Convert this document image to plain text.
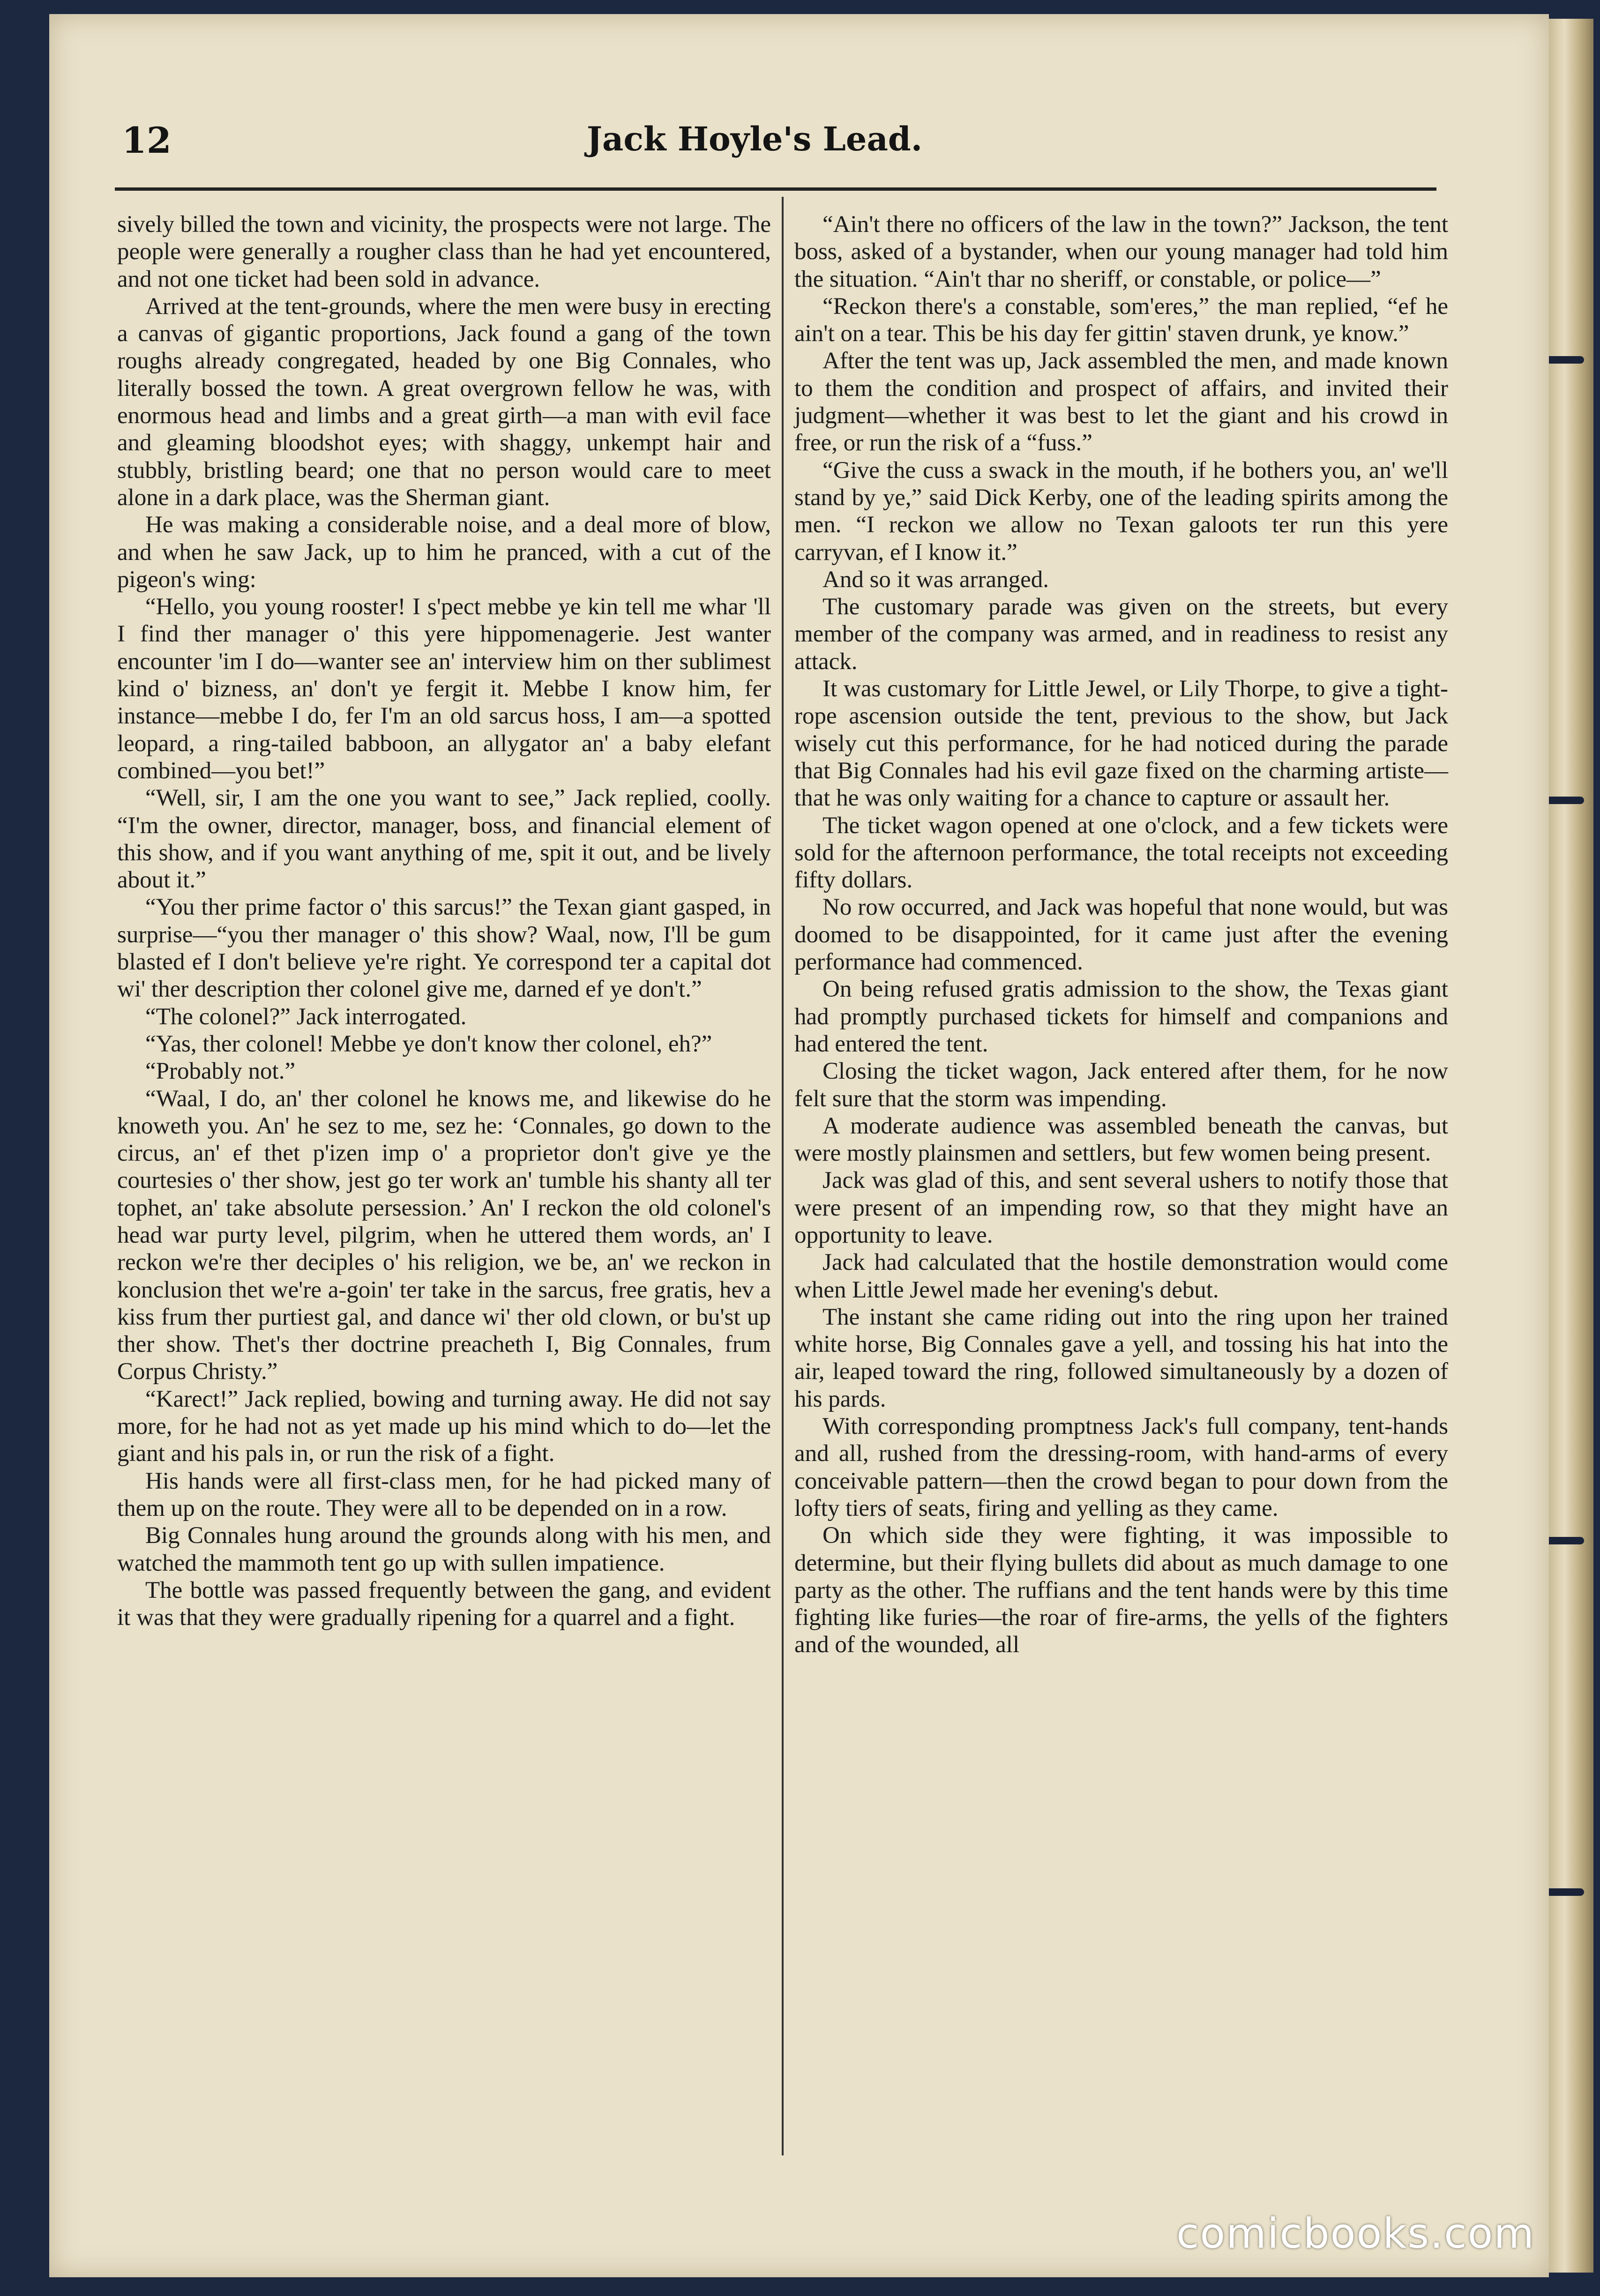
12	Jack Hoyle's Lead.

sively billed the town and vicinity, the prospects were not large. The people were generally a rougher class than he had yet encountered, and not one ticket had been sold in advance.

Arrived at the tent-grounds, where the men were busy in erecting a canvas of gigantic proportions, Jack found a gang of the town roughs already congregated, headed by one Big Connales, who literally bossed the town. A great overgrown fellow he was, with enormous head and limbs and a great girth—a man with evil face and gleaming bloodshot eyes; with shaggy, unkempt hair and stubbly, bristling beard; one that no person would care to meet alone in a dark place, was the Sherman giant.

He was making a considerable noise, and a deal more of blow, and when he saw Jack, up to him he pranced, with a cut of the pigeon's wing:

“Hello, you young rooster! I s'pect mebbe ye kin tell me whar 'll I find ther manager o' this yere hippomenagerie. Jest wanter encounter 'im I do—wanter see an' interview him on ther sublimest kind o' bizness, an' don't ye fergit it. Mebbe I know him, fer instance—mebbe I do, fer I'm an old sarcus hoss, I am—a spotted leopard, a ring-tailed babboon, an allygator an' a baby elefant combined—you bet!”

“Well, sir, I am the one you want to see,” Jack replied, coolly. “I'm the owner, director, manager, boss, and financial element of this show, and if you want anything of me, spit it out, and be lively about it.”

“You ther prime factor o' this sarcus!” the Texan giant gasped, in surprise—“you ther manager o' this show? Waal, now, I'll be gum blasted ef I don't believe ye're right. Ye correspond ter a capital dot wi' ther description ther colonel give me, darned ef ye don't.”

“The colonel?” Jack interrogated.

“Yas, ther colonel! Mebbe ye don't know ther colonel, eh?”

“Probably not.”

“Waal, I do, an' ther colonel he knows me, and likewise do he knoweth you. An' he sez to me, sez he: ‘Connales, go down to the circus, an' ef thet p'izen imp o' a proprietor don't give ye the courtesies o' ther show, jest go ter work an' tumble his shanty all ter tophet, an' take absolute persession.’ An' I reckon the old colonel's head war purty level, pilgrim, when he uttered them words, an' I reckon we're ther deciples o' his religion, we be, an' we reckon in konclusion thet we're a-goin' ter take in the sarcus, free gratis, hev a kiss frum ther purtiest gal, and dance wi' ther old clown, or bu'st up ther show. Thet's ther doctrine preacheth I, Big Connales, frum Corpus Christy.”

“Karect!” Jack replied, bowing and turning away. He did not say more, for he had not as yet made up his mind which to do—let the giant and his pals in, or run the risk of a fight.

His hands were all first-class men, for he had picked many of them up on the route. They were all to be depended on in a row.

Big Connales hung around the grounds along with his men, and watched the mammoth tent go up with sullen impatience.

The bottle was passed frequently between the gang, and evident it was that they were gradually ripening for a quarrel and a fight.

“Ain't there no officers of the law in the town?” Jackson, the tent boss, asked of a bystander, when our young manager had told him the situation. “Ain't thar no sheriff, or constable, or police—”

“Reckon there's a constable, som'eres,” the man replied, “ef he ain't on a tear. This be his day fer gittin' staven drunk, ye know.”

After the tent was up, Jack assembled the men, and made known to them the condition and prospect of affairs, and invited their judgment—whether it was best to let the giant and his crowd in free, or run the risk of a “fuss.”

“Give the cuss a swack in the mouth, if he bothers you, an' we'll stand by ye,” said Dick Kerby, one of the leading spirits among the men. “I reckon we allow no Texan galoots ter run this yere carryvan, ef I know it.”

And so it was arranged.

The customary parade was given on the streets, but every member of the company was armed, and in readiness to resist any attack.

It was customary for Little Jewel, or Lily Thorpe, to give a tight-rope ascension outside the tent, previous to the show, but Jack wisely cut this performance, for he had noticed during the parade that Big Connales had his evil gaze fixed on the charming artiste—that he was only waiting for a chance to capture or assault her.

The ticket wagon opened at one o'clock, and a few tickets were sold for the afternoon performance, the total receipts not exceeding fifty dollars.

No row occurred, and Jack was hopeful that none would, but was doomed to be disappointed, for it came just after the evening performance had commenced.

On being refused gratis admission to the show, the Texas giant had promptly purchased tickets for himself and companions and had entered the tent.

Closing the ticket wagon, Jack entered after them, for he now felt sure that the storm was impending.

A moderate audience was assembled beneath the canvas, but were mostly plainsmen and settlers, but few women being present.

Jack was glad of this, and sent several ushers to notify those that were present of an impending row, so that they might have an opportunity to leave.

Jack had calculated that the hostile demonstration would come when Little Jewel made her evening's debut.

The instant she came riding out into the ring upon her trained white horse, Big Connales gave a yell, and tossing his hat into the air, leaped toward the ring, followed simultaneously by a dozen of his pards.

With corresponding promptness Jack's full company, tent-hands and all, rushed from the dressing-room, with hand-arms of every conceivable pattern—then the crowd began to pour down from the lofty tiers of seats, firing and yelling as they came.

On which side they were fighting, it was impossible to determine, but their flying bullets did about as much damage to one party as the other. The ruffians and the tent hands were by this time fighting like furies—the roar of fire-arms, the yells of the fighters and of the wounded, all

comicbooks.com
